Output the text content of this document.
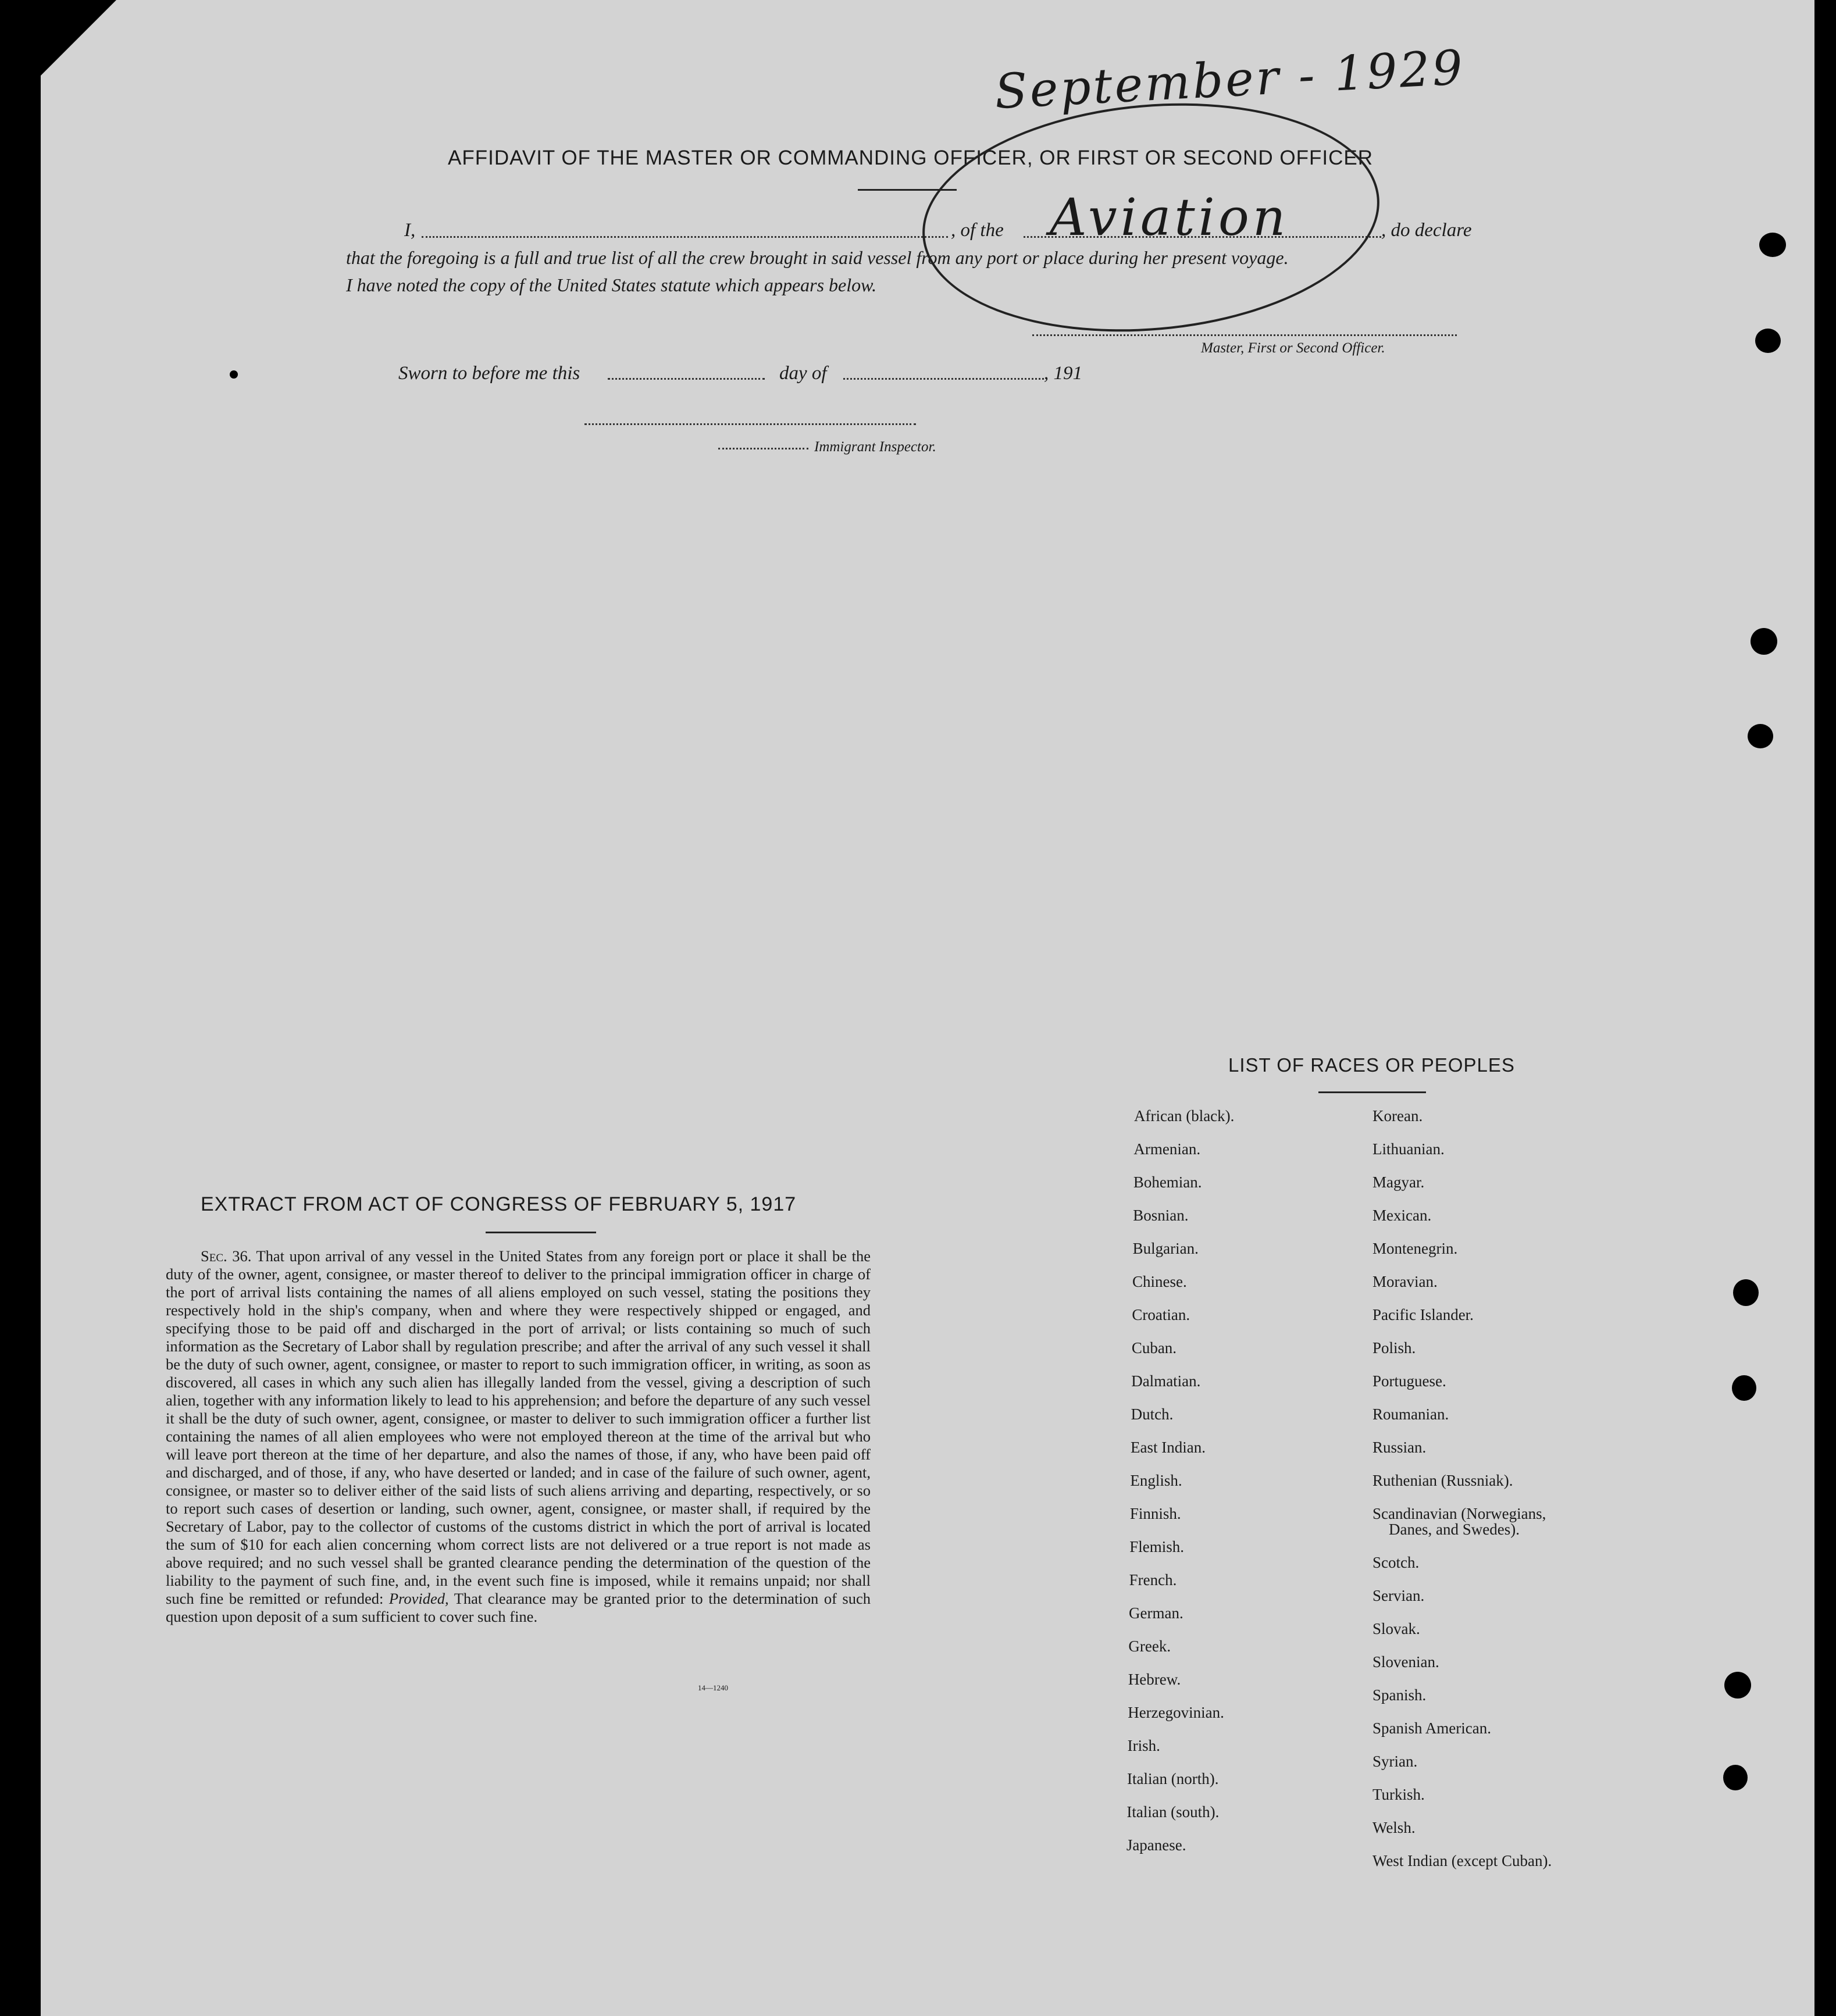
September - 1929
AFFIDAVIT OF THE MASTER OR COMMANDING OFFICER, OR FIRST OR SECOND OFFICER
I,	, of the Aviation	, do declare
that the foregoing is a full and true list of all the crew brought in said vessel from any port or place during her present voyage.
I have noted the copy of the United States statute which appears below.
Master, First or Second Officer.
Sworn to before me this	day of	, 191
Immigrant Inspector.
EXTRACT FROM ACT OF CONGRESS OF FEBRUARY 5, 1917
Sec. 36. That upon arrival of any vessel in the United States from any foreign port or place it shall be the duty of the owner, agent, consignee, or master thereof to deliver to the principal immigration officer in charge of the port of arrival lists containing the names of all aliens employed on such vessel, stating the positions they respectively hold in the ship's company, when and where they were respectively shipped or engaged, and specifying those to be paid off and discharged in the port of arrival; or lists containing so much of such information as the Secretary of Labor shall by regulation prescribe; and after the arrival of any such vessel it shall be the duty of such owner, agent, consignee, or master to report to such immigration officer, in writing, as soon as discovered, all cases in which any such alien has illegally landed from the vessel, giving a description of such alien, together with any information likely to lead to his apprehension; and before the departure of any such vessel it shall be the duty of such owner, agent, consignee, or master to deliver to such immigration officer a further list containing the names of all alien employees who were not employed thereon at the time of the arrival but who will leave port thereon at the time of her departure, and also the names of those, if any, who have been paid off and discharged, and of those, if any, who have deserted or landed; and in case of the failure of such owner, agent, consignee, or master so to deliver either of the said lists of such aliens arriving and departing, respectively, or so to report such cases of desertion or landing, such owner, agent, consignee, or master shall, if required by the Secretary of Labor, pay to the collector of customs of the customs district in which the port of arrival is located the sum of $10 for each alien concerning whom correct lists are not delivered or a true report is not made as above required; and no such vessel shall be granted clearance pending the determination of the question of the liability to the payment of such fine, and, in the event such fine is imposed, while it remains unpaid; nor shall such fine be remitted or refunded: Provided, That clearance may be granted prior to the determination of such question upon deposit of a sum sufficient to cover such fine.
14—1240
LIST OF RACES OR PEOPLES
African (black).
Armenian.
Bohemian.
Bosnian.
Bulgarian.
Chinese.
Croatian.
Cuban.
Dalmatian.
Dutch.
East Indian.
English.
Finnish.
Flemish.
French.
German.
Greek.
Hebrew.
Herzegovinian.
Irish.
Italian (north).
Italian (south).
Japanese.
Korean.
Lithuanian.
Magyar.
Mexican.
Montenegrin.
Moravian.
Pacific Islander.
Polish.
Portuguese.
Roumanian.
Russian.
Ruthenian (Russniak).
Scandinavian (Norwegians,
Danes, and Swedes).
Scotch.
Servian.
Slovak.
Slovenian.
Spanish.
Spanish American.
Syrian.
Turkish.
Welsh.
West Indian (except Cuban).
